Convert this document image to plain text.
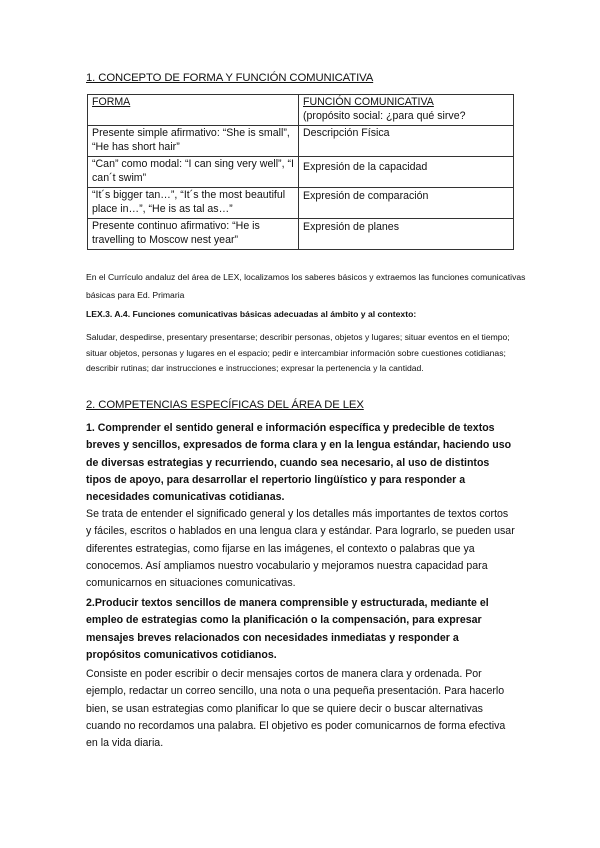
1. CONCEPTO DE FORMA Y FUNCIÓN COMUNICATIVA
FORMA	FUNCIÓN COMUNICATIVA
(propósito social: ¿para qué sirve?

Presente simple afirmativo: “She is small”, “He has short hair”	Descripción Física
“Can” como modal: “I can sing very well”, “I can´t swim”	Expresión de la capacidad
“It´s bigger tan…”, “It´s the most beautiful place in…”, “He is as tal as…”	Expresión de comparación
Presente continuo afirmativo: “He is travelling to Moscow nest year”	Expresión de planes
En el Currículo andaluz del área de LEX, localizamos los saberes básicos y extraemos las funciones comunicativas básicas para Ed. Primaria
LEX.3. A.4. Funciones comunicativas básicas adecuadas al ámbito y al contexto:
Saludar, despedirse, presentary presentarse; describir personas, objetos y lugares; situar eventos en el tiempo; situar objetos, personas y lugares en el espacio; pedir e intercambiar información sobre cuestiones cotidianas; describir rutinas; dar instrucciones e instrucciones; expresar la pertenencia y la cantidad.
2. COMPETENCIAS ESPECÍFICAS DEL ÁREA DE LEX
1. Comprender el sentido general e información específica y predecible de textos breves y sencillos, expresados de forma clara y en la lengua estándar, haciendo uso de diversas estrategias y recurriendo, cuando sea necesario, al uso de distintos tipos de apoyo, para desarrollar el repertorio lingüístico y para responder a necesidades comunicativas cotidianas.
Se trata de entender el significado general y los detalles más importantes de textos cortos y fáciles, escritos o hablados en una lengua clara y estándar. Para lograrlo, se pueden usar diferentes estrategias, como fijarse en las imágenes, el contexto o palabras que ya conocemos. Así ampliamos nuestro vocabulario y mejoramos nuestra capacidad para comunicarnos en situaciones comunicativas.
2.Producir textos sencillos de manera comprensible y estructurada, mediante el empleo de estrategias como la planificación o la compensación, para expresar mensajes breves relacionados con necesidades inmediatas y responder a propósitos comunicativos cotidianos.
Consiste en poder escribir o decir mensajes cortos de manera clara y ordenada. Por ejemplo, redactar un correo sencillo, una nota o una pequeña presentación. Para hacerlo bien, se usan estrategias como planificar lo que se quiere decir o buscar alternativas cuando no recordamos una palabra. El objetivo es poder comunicarnos de forma efectiva en la vida diaria.
